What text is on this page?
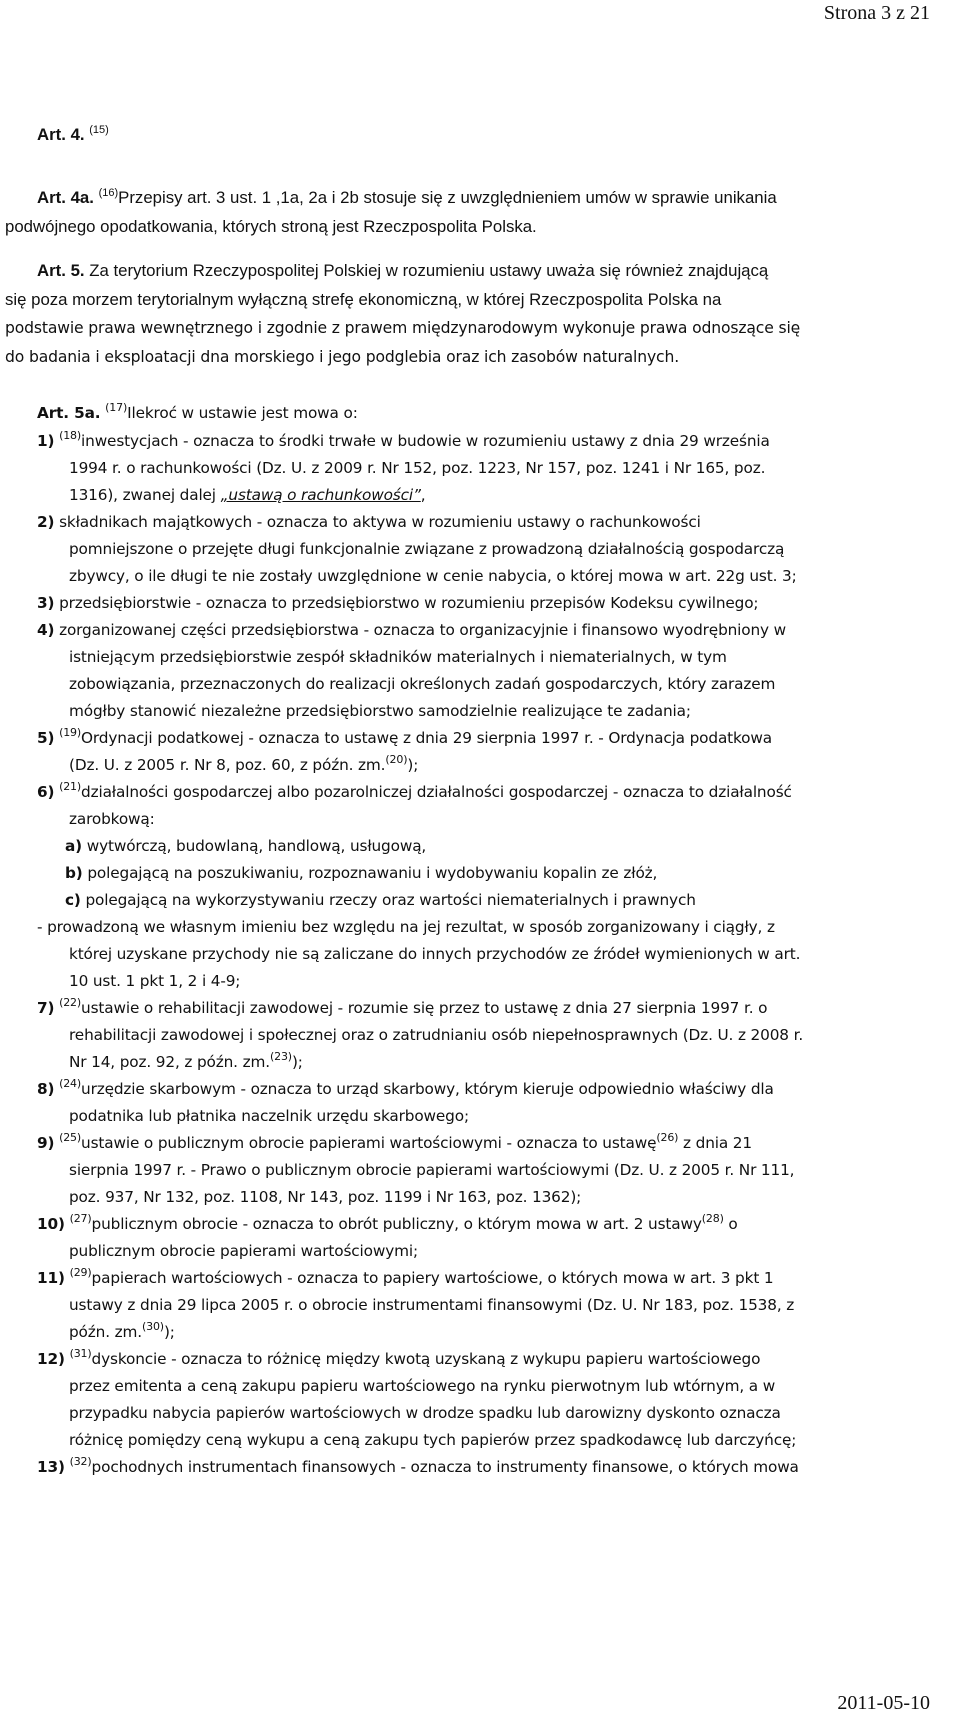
Strona 3 z 21
Art. 4. $^{(15)}$

Art. 4a. $^{(16)}$Przepisy art. 3 ust. 1 ,1a, 2a i 2b stosuje się z uwzględnieniem umów w sprawie unikania

podwójnego opodatkowania, których stroną jest Rzeczpospolita Polska.

Art. 5. Za terytorium Rzeczypospolitej Polskiej w rozumieniu ustawy uważa się również znajdującą

się poza morzem terytorialnym wyłączną strefę ekonomiczną, w której Rzeczpospolita Polska na

podstawie prawa wewnętrznego i zgodnie z prawem międzynarodowym wykonuje prawa odnoszące się

do badania i eksploatacji dna morskiego i jego podglebia oraz ich zasobów naturalnych.

Art. 5a. $^{(17)}$Ilekroć w ustawie jest mowa o:

1) $^{(18)}$inwestycjach - oznacza to środki trwałe w budowie w rozumieniu ustawy z dnia 29 września

1994 r. o rachunkowości (Dz. U. z 2009 r. Nr 152, poz. 1223, Nr 157, poz. 1241 i Nr 165, poz.

1316), zwanej dalej „ustawą o rachunkowości”,

2) składnikach majątkowych - oznacza to aktywa w rozumieniu ustawy o rachunkowości

pomniejszone o przejęte długi funkcjonalnie związane z prowadzoną działalnością gospodarczą

zbywcy, o ile długi te nie zostały uwzględnione w cenie nabycia, o której mowa w art. 22g ust. 3;

3) przedsiębiorstwie - oznacza to przedsiębiorstwo w rozumieniu przepisów Kodeksu cywilnego;

4) zorganizowanej części przedsiębiorstwa - oznacza to organizacyjnie i finansowo wyodrębniony w

istniejącym przedsiębiorstwie zespół składników materialnych i niematerialnych, w tym

zobowiązania, przeznaczonych do realizacji określonych zadań gospodarczych, który zarazem

mógłby stanowić niezależne przedsiębiorstwo samodzielnie realizujące te zadania;

5) $^{(19)}$Ordynacji podatkowej - oznacza to ustawę z dnia 29 sierpnia 1997 r. - Ordynacja podatkowa

(Dz. U. z 2005 r. Nr 8, poz. 60, z późn. zm.$^{(20)}$);

6) $^{(21)}$działalności gospodarczej albo pozarolniczej działalności gospodarczej - oznacza to działalność

zarobkową:

a) wytwórczą, budowlaną, handlową, usługową,

b) polegającą na poszukiwaniu, rozpoznawaniu i wydobywaniu kopalin ze złóż,

c) polegającą na wykorzystywaniu rzeczy oraz wartości niematerialnych i prawnych

- prowadzoną we własnym imieniu bez względu na jej rezultat, w sposób zorganizowany i ciągły, z

której uzyskane przychody nie są zaliczane do innych przychodów ze źródeł wymienionych w art.

10 ust. 1 pkt 1, 2 i 4-9;

7) $^{(22)}$ustawie o rehabilitacji zawodowej - rozumie się przez to ustawę z dnia 27 sierpnia 1997 r. o

rehabilitacji zawodowej i społecznej oraz o zatrudnianiu osób niepełnosprawnych (Dz. U. z 2008 r.

Nr 14, poz. 92, z późn. zm.$^{(23)}$);

8) $^{(24)}$urzędzie skarbowym - oznacza to urząd skarbowy, którym kieruje odpowiednio właściwy dla

podatnika lub płatnika naczelnik urzędu skarbowego;

9) $^{(25)}$ustawie o publicznym obrocie papierami wartościowymi - oznacza to ustawę$^{(26)}$ z dnia 21

sierpnia 1997 r. - Prawo o publicznym obrocie papierami wartościowymi (Dz. U. z 2005 r. Nr 111,

poz. 937, Nr 132, poz. 1108, Nr 143, poz. 1199 i Nr 163, poz. 1362);

10) $^{(27)}$publicznym obrocie - oznacza to obrót publiczny, o którym mowa w art. 2 ustawy$^{(28)}$ o

publicznym obrocie papierami wartościowymi;

11) $^{(29)}$papierach wartościowych - oznacza to papiery wartościowe, o których mowa w art. 3 pkt 1

ustawy z dnia 29 lipca 2005 r. o obrocie instrumentami finansowymi (Dz. U. Nr 183, poz. 1538, z

późn. zm.$^{(30)}$);

12) $^{(31)}$dyskoncie - oznacza to różnicę między kwotą uzyskaną z wykupu papieru wartościowego

przez emitenta a ceną zakupu papieru wartościowego na rynku pierwotnym lub wtórnym, a w

przypadku nabycia papierów wartościowych w drodze spadku lub darowizny dyskonto oznacza

różnicę pomiędzy ceną wykupu a ceną zakupu tych papierów przez spadkodawcę lub darczyńcę;

13) $^{(32)}$pochodnych instrumentach finansowych - oznacza to instrumenty finansowe, o których mowa

2011-05-10
